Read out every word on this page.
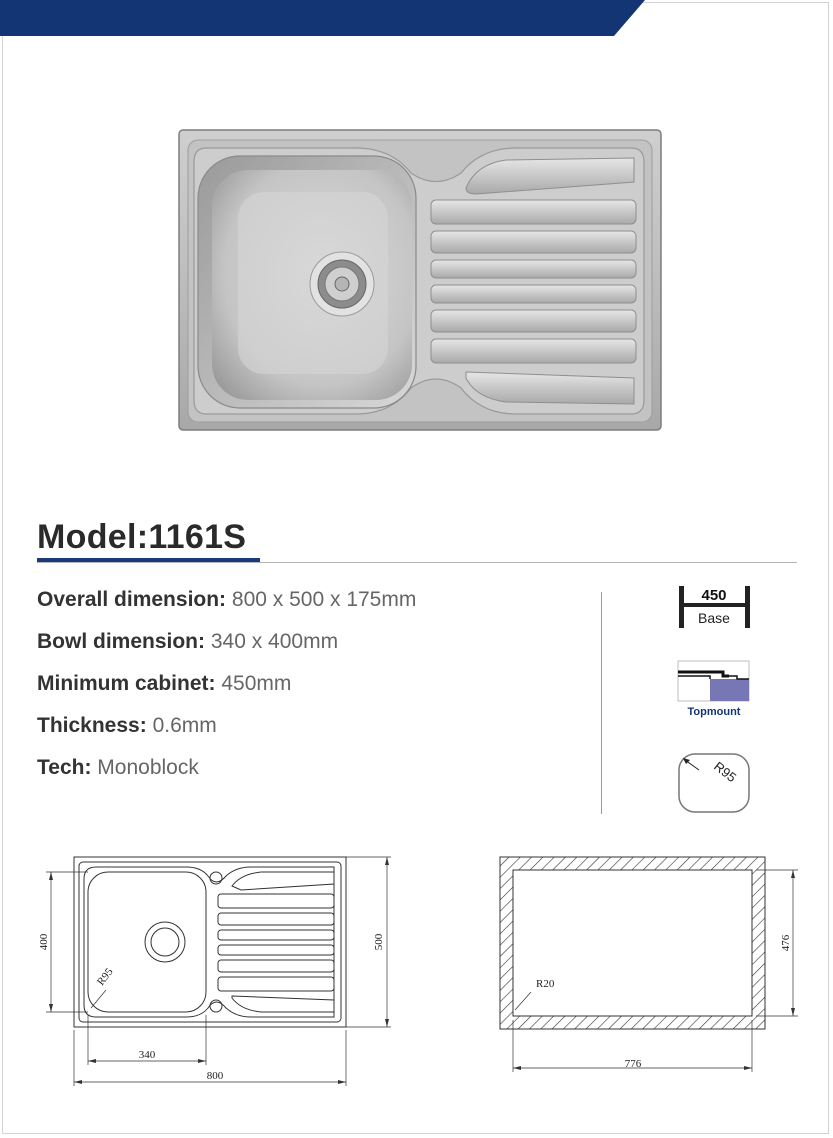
Model:1161S
Overall dimension: 800 x 500 x 175mm
Bowl dimension: 340 x 400mm
Minimum cabinet: 450mm
Thickness: 0.6mm
Tech: Monoblock
450
Base
Topmount
R95
800
340
400	500
R95
776
476
R20
